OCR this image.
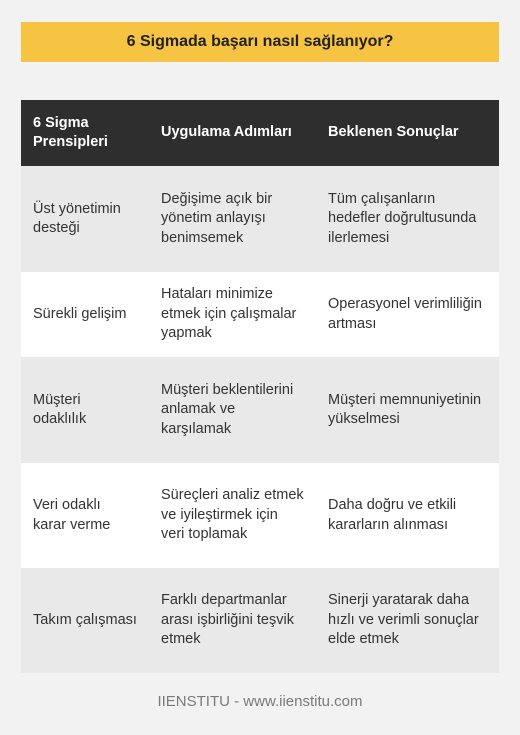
6 Sigmada başarı nasıl sağlanıyor?
6 Sigma Prensipleri	Uygulama Adımları	Beklenen Sonuçlar
Üst yönetimin desteği	Değişime açık bir yönetim anlayışı benimsemek	Tüm çalışanların hedefler doğrultusunda ilerlemesi
Sürekli gelişim	Hataları minimize etmek için çalışmalar yapmak	Operasyonel verimliliğin artması
Müşteri odaklılık	Müşteri beklentilerini anlamak ve karşılamak	Müşteri memnuniyetinin yükselmesi
Veri odaklı karar verme	Süreçleri analiz etmek ve iyileştirmek için veri toplamak	Daha doğru ve etkili kararların alınması
Takım çalışması	Farklı departmanlar arası işbirliğini teşvik etmek	Sinerji yaratarak daha hızlı ve verimli sonuçlar elde etmek
IIENSTITU - www.iienstitu.com
